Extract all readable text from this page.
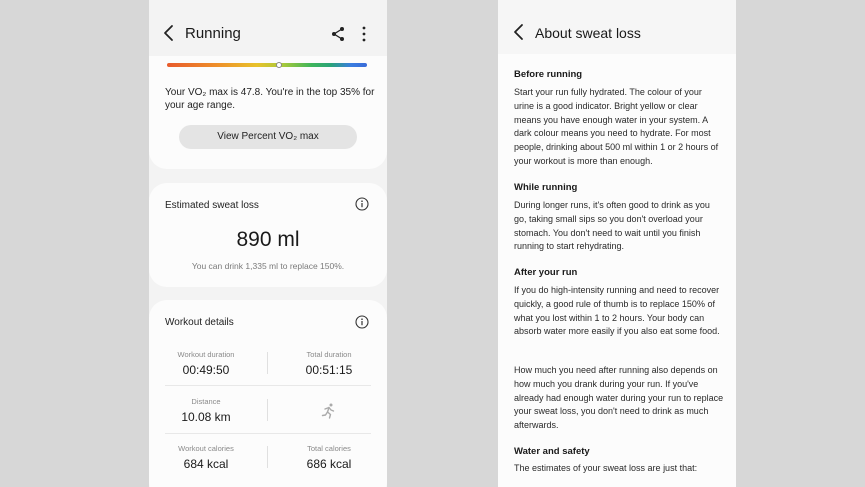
Running
Your VO₂ max is 47.8. You're in the top 35% for your age range.
View Percent VO₂ max
Estimated sweat loss
890 ml
You can drink 1,335 ml to replace 150%.
Workout details
Workout duration
00:49:50
Total duration
00:51:15
Distance
10.08 km
Workout calories
684 kcal
Total calories
686 kcal
About sweat loss
Before running
Start your run fully hydrated. The colour of your urine is a good indicator. Bright yellow or clear means you have enough water in your system. A dark colour means you need to hydrate. For most people, drinking about 500 ml within 1 or 2 hours of your workout is more than enough.
While running
During longer runs, it's often good to drink as you go, taking small sips so you don't overload your stomach. You don't need to wait until you finish running to start rehydrating.
After your run
If you do high-intensity running and need to recover quickly, a good rule of thumb is to replace 150% of what you lost within 1 to 2 hours. Your body can absorb water more easily if you also eat some food.
How much you need after running also depends on how much you drank during your run. If you've already had enough water during your run to replace your sweat loss, you don't need to drink as much afterwards.
Water and safety
The estimates of your sweat loss are just that:
